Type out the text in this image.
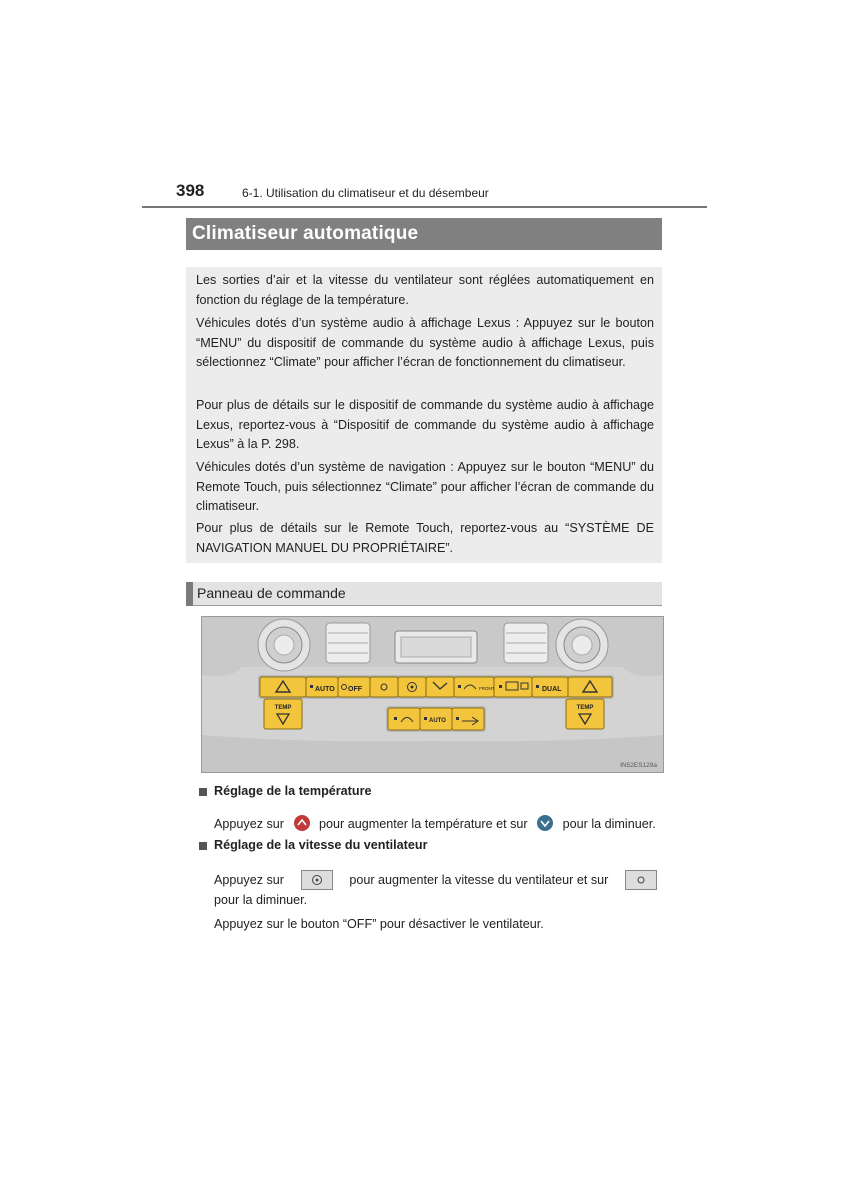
398	6-1. Utilisation du climatiseur et du désembeur
Climatiseur automatique

Les sorties d’air et la vitesse du ventilateur sont réglées automatiquement en fonction du réglage de la température.

Véhicules dotés d’un système audio à affichage Lexus : Appuyez sur le bouton “MENU” du dispositif de commande du système audio à affichage Lexus, puis sélectionnez “Climate” pour afficher l’écran de fonctionnement du climatiseur.

Pour plus de détails sur le dispositif de commande du système audio à affichage Lexus, reportez-vous à “Dispositif de commande du système audio à affichage Lexus” à la P. 298.

Véhicules dotés d’un système de navigation : Appuyez sur le bouton “MENU” du Remote Touch, puis sélectionnez “Climate” pour afficher l’écran de commande du climatiseur.

Pour plus de détails sur le Remote Touch, reportez-vous au “SYSTÈME DE NAVIGATION MANUEL DU PROPRIÉTAIRE”.

Panneau de commande
AUTO OFF	FRONT	DUAL
TEMP	TEMP
AUTO
IN52ES129a
Réglage de la température
Appuyez sur	pour augmenter la température et sur	pour la diminuer.
Réglage de la vitesse du ventilateur
Appuyez sur	pour augmenter la vitesse du ventilateur et sur
pour la diminuer.
Appuyez sur le bouton “OFF” pour désactiver le ventilateur.
